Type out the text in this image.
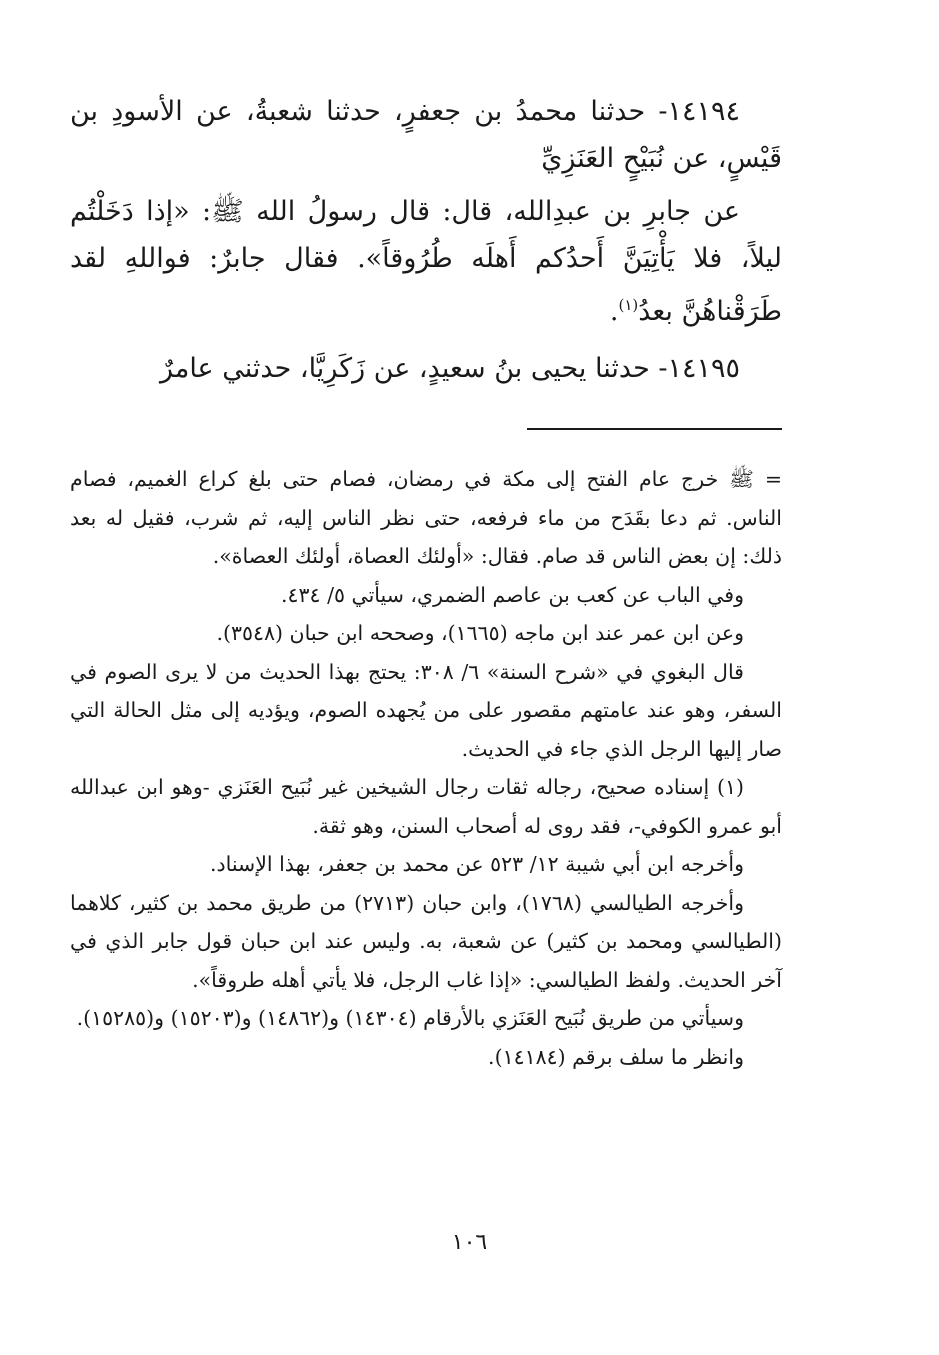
١٤١٩٤- حدثنا محمدُ بن جعفرٍ، حدثنا شعبةُ، عن الأسودِ بن قَيْسٍ، عن نُبَيْحٍ العَنَزِيِّ

عن جابرِ بن عبدِالله، قال: قال رسولُ الله ﷺ: «إذا دَخَلْتُم ليلاً، فلا يَأْتِيَنَّ أَحدُكم أَهلَه طُرُوقاً». فقال جابرٌ: فواللهِ لقد طَرَقْناهُنَّ بعدُ$^{(١)}$.

١٤١٩٥- حدثنا يحيى بنُ سعيدٍ، عن زَكَرِيَّا، حدثني عامرٌ

= ﷺ خرج عام الفتح إلى مكة في رمضان، فصام حتى بلغ كراع الغميم، فصام الناس. ثم دعا بقَدَح من ماء فرفعه، حتى نظر الناس إليه، ثم شرب، فقيل له بعد ذلك: إن بعض الناس قد صام. فقال: «أولئك العصاة، أولئك العصاة».

وفي الباب عن كعب بن عاصم الضمري، سيأتي ٥/ ٤٣٤.

وعن ابن عمر عند ابن ماجه (١٦٦٥)، وصححه ابن حبان (٣٥٤٨).

قال البغوي في «شرح السنة» ٦/ ٣٠٨: يحتج بهذا الحديث من لا يرى الصوم في السفر، وهو عند عامتهم مقصور على من يُجهده الصوم، ويؤديه إلى مثل الحالة التي صار إليها الرجل الذي جاء في الحديث.

(١) إسناده صحيح، رجاله ثقات رجال الشيخين غير نُبَيح العَنَزي -وهو ابن عبدالله أبو عمرو الكوفي-، فقد روى له أصحاب السنن، وهو ثقة.

وأخرجه ابن أبي شيبة ١٢/ ٥٢٣ عن محمد بن جعفر، بهذا الإسناد.

وأخرجه الطيالسي (١٧٦٨)، وابن حبان (٢٧١٣) من طريق محمد بن كثير، كلاهما (الطيالسي ومحمد بن كثير) عن شعبة، به. وليس عند ابن حبان قول جابر الذي في آخر الحديث. ولفظ الطيالسي: «إذا غاب الرجل، فلا يأتي أهله طروقاً».

وسيأتي من طريق نُبَيح العَنَزي بالأرقام (١٤٣٠٤) و(١٤٨٦٢) و(١٥٢٠٣) و(١٥٢٨٥).

وانظر ما سلف برقم (١٤١٨٤).

١٠٦
